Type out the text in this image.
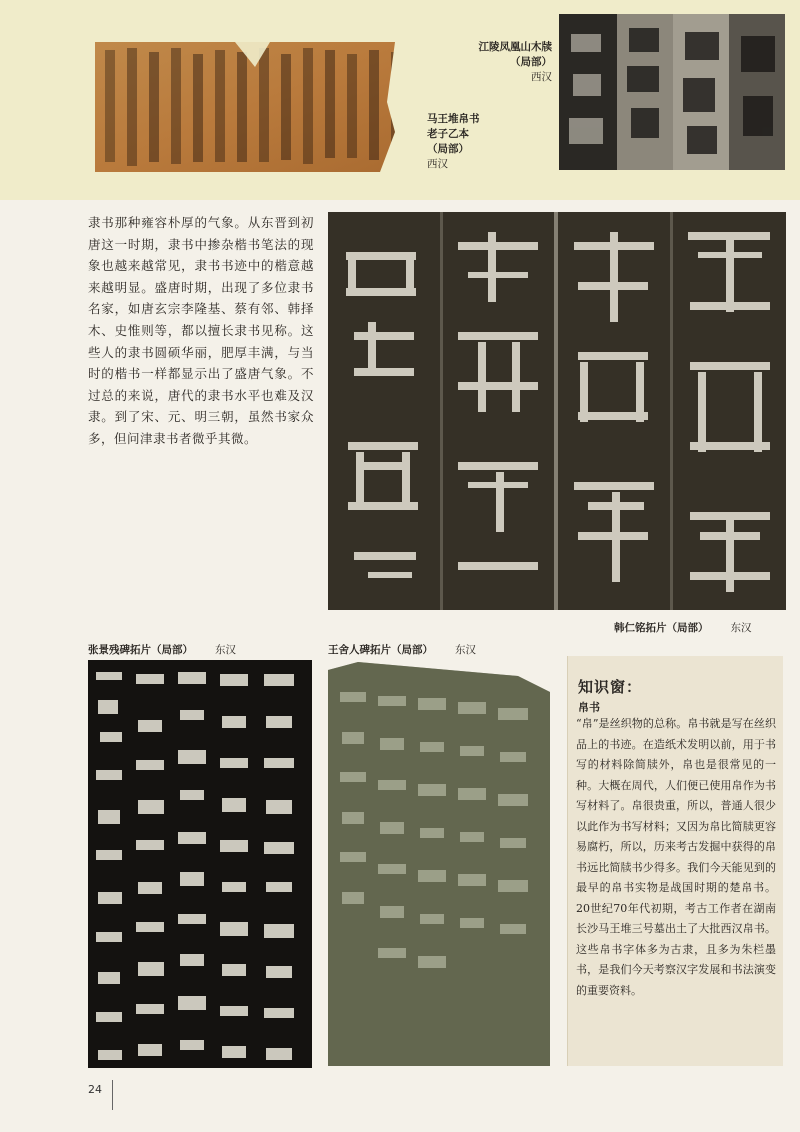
马王堆帛书
老子乙本
（局部）
西汉
江陵凤凰山木牍
（局部）
西汉
隶书那种雍容朴厚的气象。从东晋到初唐这一时期，隶书中掺杂楷书笔法的现象也越来越常见，隶书书迹中的楷意越来越明显。盛唐时期，出现了多位隶书名家，如唐玄宗李隆基、蔡有邻、韩择木、史惟则等，都以擅长隶书见称。这些人的隶书圆硕华丽，肥厚丰满，与当时的楷书一样都显示出了盛唐气象。不过总的来说，唐代的隶书水平也难及汉隶。到了宋、元、明三朝，虽然书家众多，但问津隶书者微乎其微。
韩仁铭拓片（局部） 东汉
张景残碑拓片（局部） 东汉	王舍人碑拓片（局部） 东汉
知识窗：
帛书
“帛”是丝织物的总称。帛书就是写在丝织品上的书迹。在造纸术发明以前，用于书写的材料除简牍外，帛也是很常见的一种。大概在周代，人们便已使用帛作为书写材料了。帛很贵重，所以，普通人很少以此作为书写材料；又因为帛比简牍更容易腐朽，所以，历来考古发掘中获得的帛书远比简牍书少得多。我们今天能见到的最早的帛书实物是战国时期的楚帛书。20世纪70年代初期，考古工作者在湖南长沙马王堆三号墓出土了大批西汉帛书。这些帛书字体多为古隶，且多为朱栏墨书，是我们今天考察汉字发展和书法演变的重要资料。
24
